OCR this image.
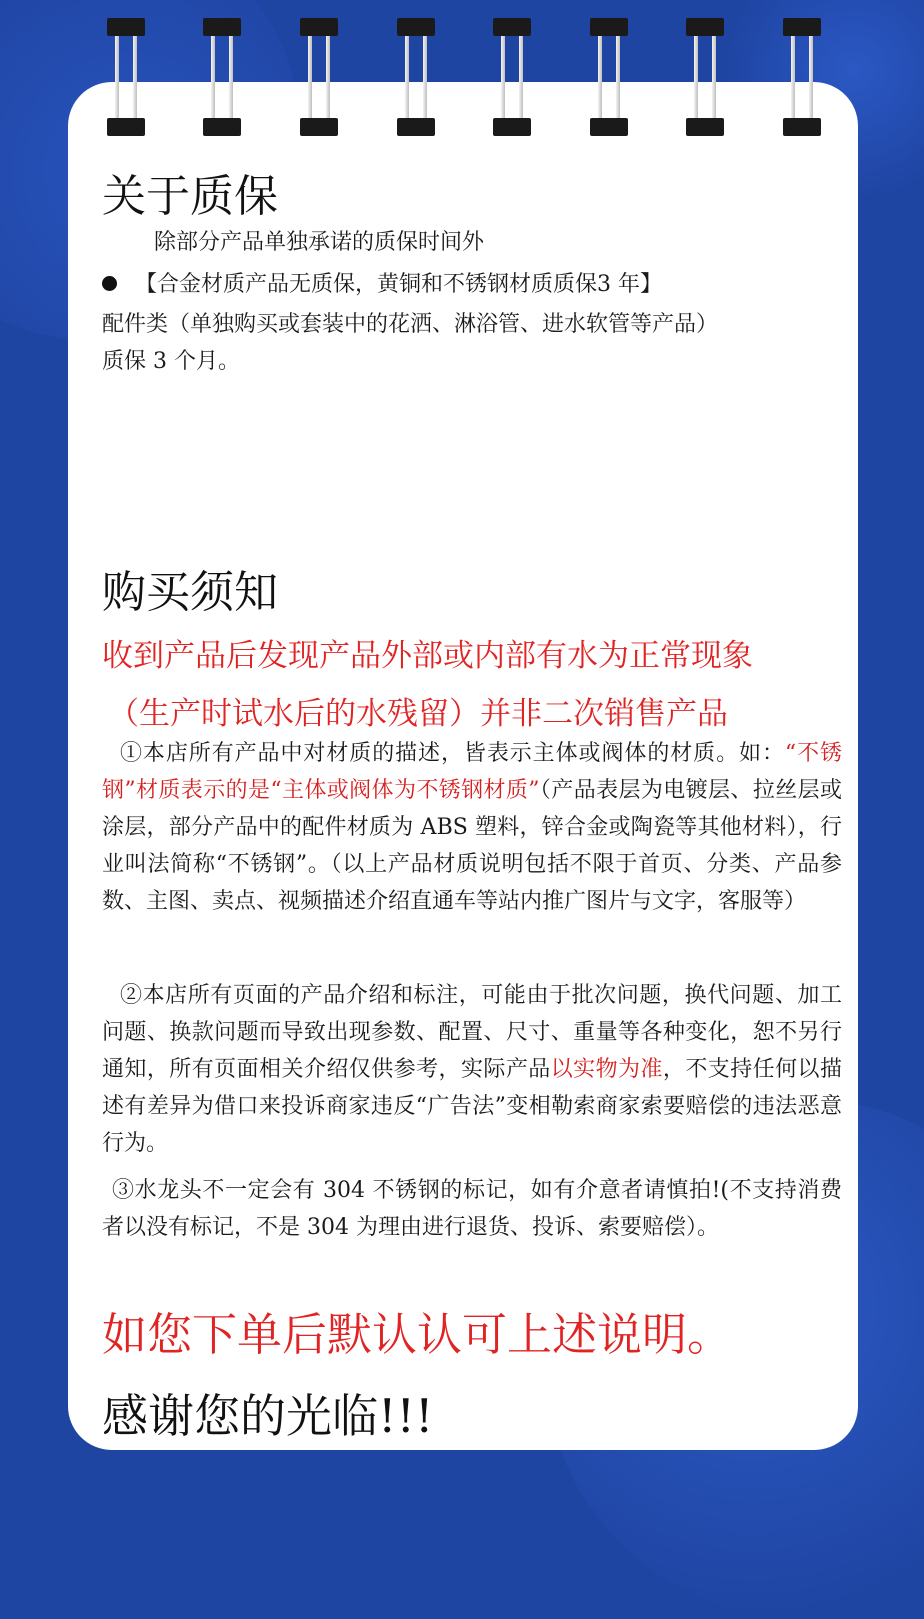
关于质保
除部分产品单独承诺的质保时间外
【合金材质产品无质保，黄铜和不锈钢材质质保3 年】
配件类（单独购买或套装中的花洒、淋浴管、进水软管等产品）
质保 3 个月。
购买须知
收到产品后发现产品外部或内部有水为正常现象
（生产时试水后的水残留）并非二次销售产品
①本店所有产品中对材质的描述，皆表示主体或阀体的材质。如：“不锈钢”材质表示的是“主体或阀体为不锈钢材质”（产品表层为电镀层、拉丝层或涂层，部分产品中的配件材质为 ABS 塑料，锌合金或陶瓷等其他材料），行业叫法简称“不锈钢”。（以上产品材质说明包括不限于首页、分类、产品参数、主图、卖点、视频描述介绍直通车等站内推广图片与文字，客服等）
②本店所有页面的产品介绍和标注，可能由于批次问题，换代问题、加工问题、换款问题而导致出现参数、配置、尺寸、重量等各种变化，恕不另行通知，所有页面相关介绍仅供参考，实际产品以实物为准，不支持任何以描述有差异为借口来投诉商家违反“广告法”变相勒索商家索要赔偿的违法恶意行为。
③水龙头不一定会有 304 不锈钢的标记，如有介意者请慎拍!(不支持消费者以没有标记，不是 304 为理由进行退货、投诉、索要赔偿）。
如您下单后默认认可上述说明。
感谢您的光临!!!
